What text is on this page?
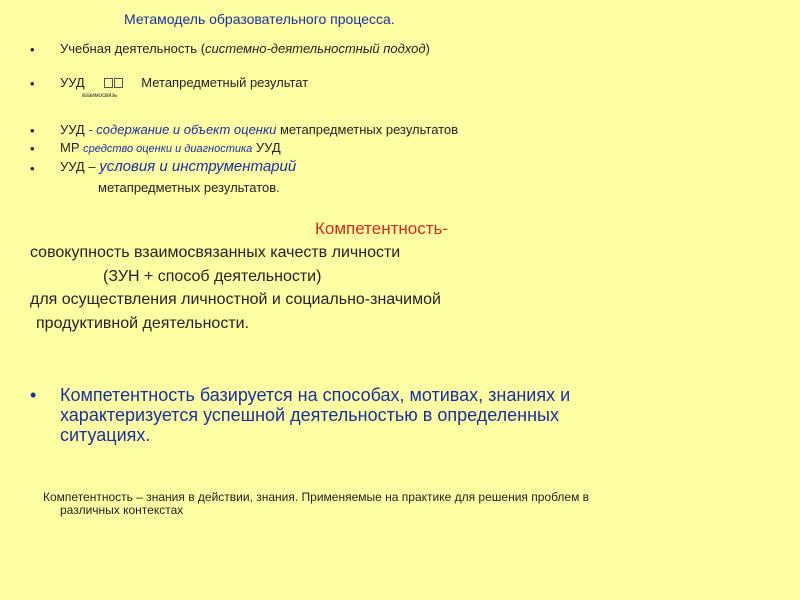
Метамодель образовательного процесса.
• Учебная деятельность (системно-деятельностный подход)
• УУД	Метапредметный результат
взаимосвязь
• УУД - содержание и объект оценки метапредметных результатов
• МР средство оценки и диагностика УУД
• УУД – условия и инструментарий
метапредметных результатов.
Компетентность-
совокупность взаимосвязанных качеств личности
(ЗУН + способ деятельности)
для осуществления личностной и социально-значимой
продуктивной деятельности.
• Компетентность базируется на способах, мотивах, знаниях и
характеризуется успешной деятельностью в определенных
ситуациях.
Компетентность – знания в действии, знания. Применяемые на практике для решения проблем в
различных контекстах
